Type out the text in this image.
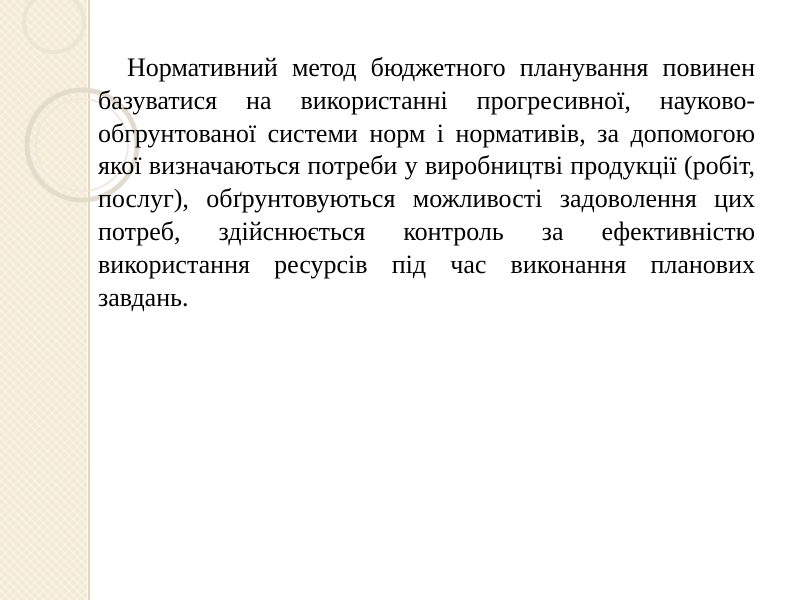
Нормативний метод бюджетного планування повинен базуватися на використанні прогресивної, науково-обгрунтованої системи норм і нормативів, за допомогою якої визначаються потреби у виробництві продукції (робіт, послуг), обґрунтовуються можливості задоволення цих потреб, здійснюється контроль за ефективністю використання ресурсів під час виконання планових завдань.
